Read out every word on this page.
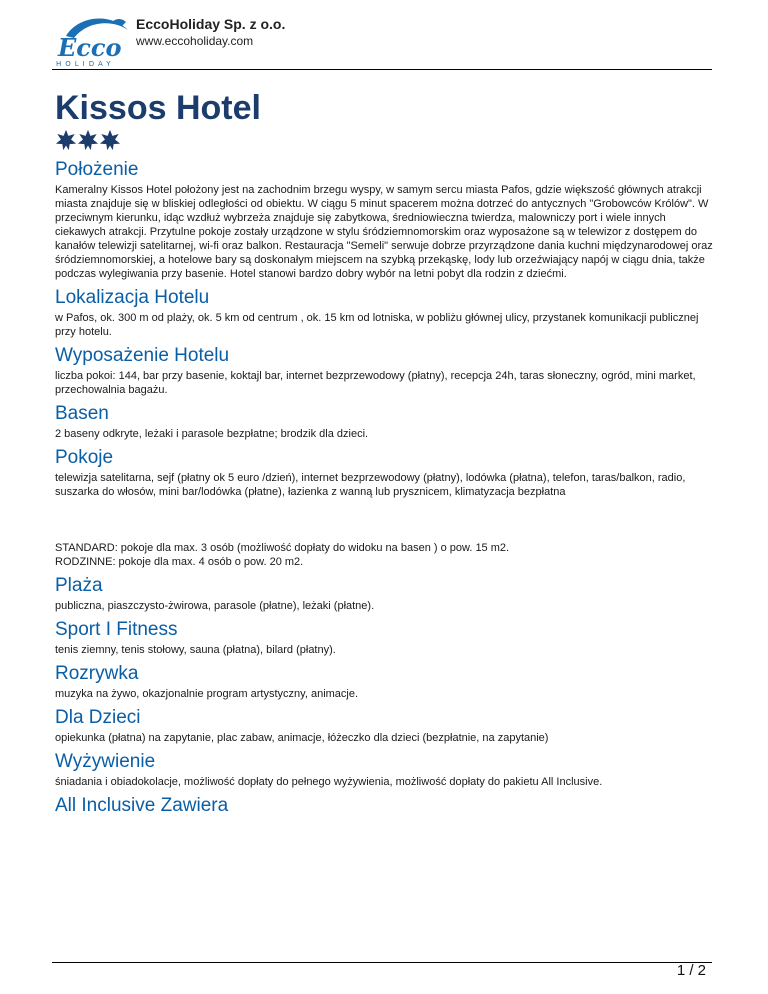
Ecco
HOLIDAY
EccoHoliday Sp. z o.o.
www.eccoholiday.com
Kissos Hotel
Położenie

Kameralny Kissos Hotel położony jest na zachodnim brzegu wyspy, w samym sercu miasta Pafos, gdzie większość głównych atrakcji miasta znajduje się w bliskiej odległości od obiektu. W ciągu 5 minut spacerem można dotrzeć do antycznych "Grobowców Królów". W przeciwnym kierunku, idąc wzdłuż wybrzeża znajduje się zabytkowa, średniowieczna twierdza, malowniczy port i wiele innych ciekawych atrakcji. Przytulne pokoje zostały urządzone w stylu śródziemnomorskim oraz wyposażone są w telewizor z dostępem do kanałów telewizji satelitarnej, wi-fi oraz balkon. Restauracja "Semeli" serwuje dobrze przyrządzone dania kuchni międzynarodowej oraz śródziemnomorskiej, a hotelowe bary są doskonałym miejscem na szybką przekąskę, lody lub orzeźwiający napój w ciągu dnia, także podczas wylegiwania przy basenie. Hotel stanowi bardzo dobry wybór na letni pobyt dla rodzin z dziećmi.

Lokalizacja Hotelu

w Pafos, ok. 300 m od plaży, ok. 5 km od centrum , ok. 15 km od lotniska, w pobliżu głównej ulicy, przystanek komunikacji publicznej przy hotelu.

Wyposażenie Hotelu

liczba pokoi: 144, bar przy basenie, koktajl bar, internet bezprzewodowy (płatny), recepcja 24h, taras słoneczny, ogród, mini market, przechowalnia bagażu.

Basen

2 baseny odkryte, leżaki i parasole bezpłatne; brodzik dla dzieci.

Pokoje

telewizja satelitarna, sejf (płatny ok 5 euro /dzień), internet bezprzewodowy (płatny), lodówka (płatna), telefon, taras/balkon, radio, suszarka do włosów, mini bar/lodówka (płatne), łazienka z wanną lub prysznicem, klimatyzacja bezpłatna

STANDARD: pokoje dla max. 3 osób (możliwość dopłaty do widoku na basen ) o pow. 15 m2.
RODZINNE: pokoje dla max. 4 osób o pow. 20 m2.

Plaża

publiczna, piaszczysto-żwirowa, parasole (płatne), leżaki (płatne).

Sport I Fitness

tenis ziemny, tenis stołowy, sauna (płatna), bilard (płatny).

Rozrywka

muzyka na żywo, okazjonalnie program artystyczny, animacje.

Dla Dzieci

opiekunka (płatna) na zapytanie, plac zabaw, animacje, łóżeczko dla dzieci (bezpłatnie, na zapytanie)

Wyżywienie

śniadania i obiadokolacje, możliwość dopłaty do pełnego wyżywienia, możliwość dopłaty do pakietu All Inclusive.

All Inclusive Zawiera
1 / 2
